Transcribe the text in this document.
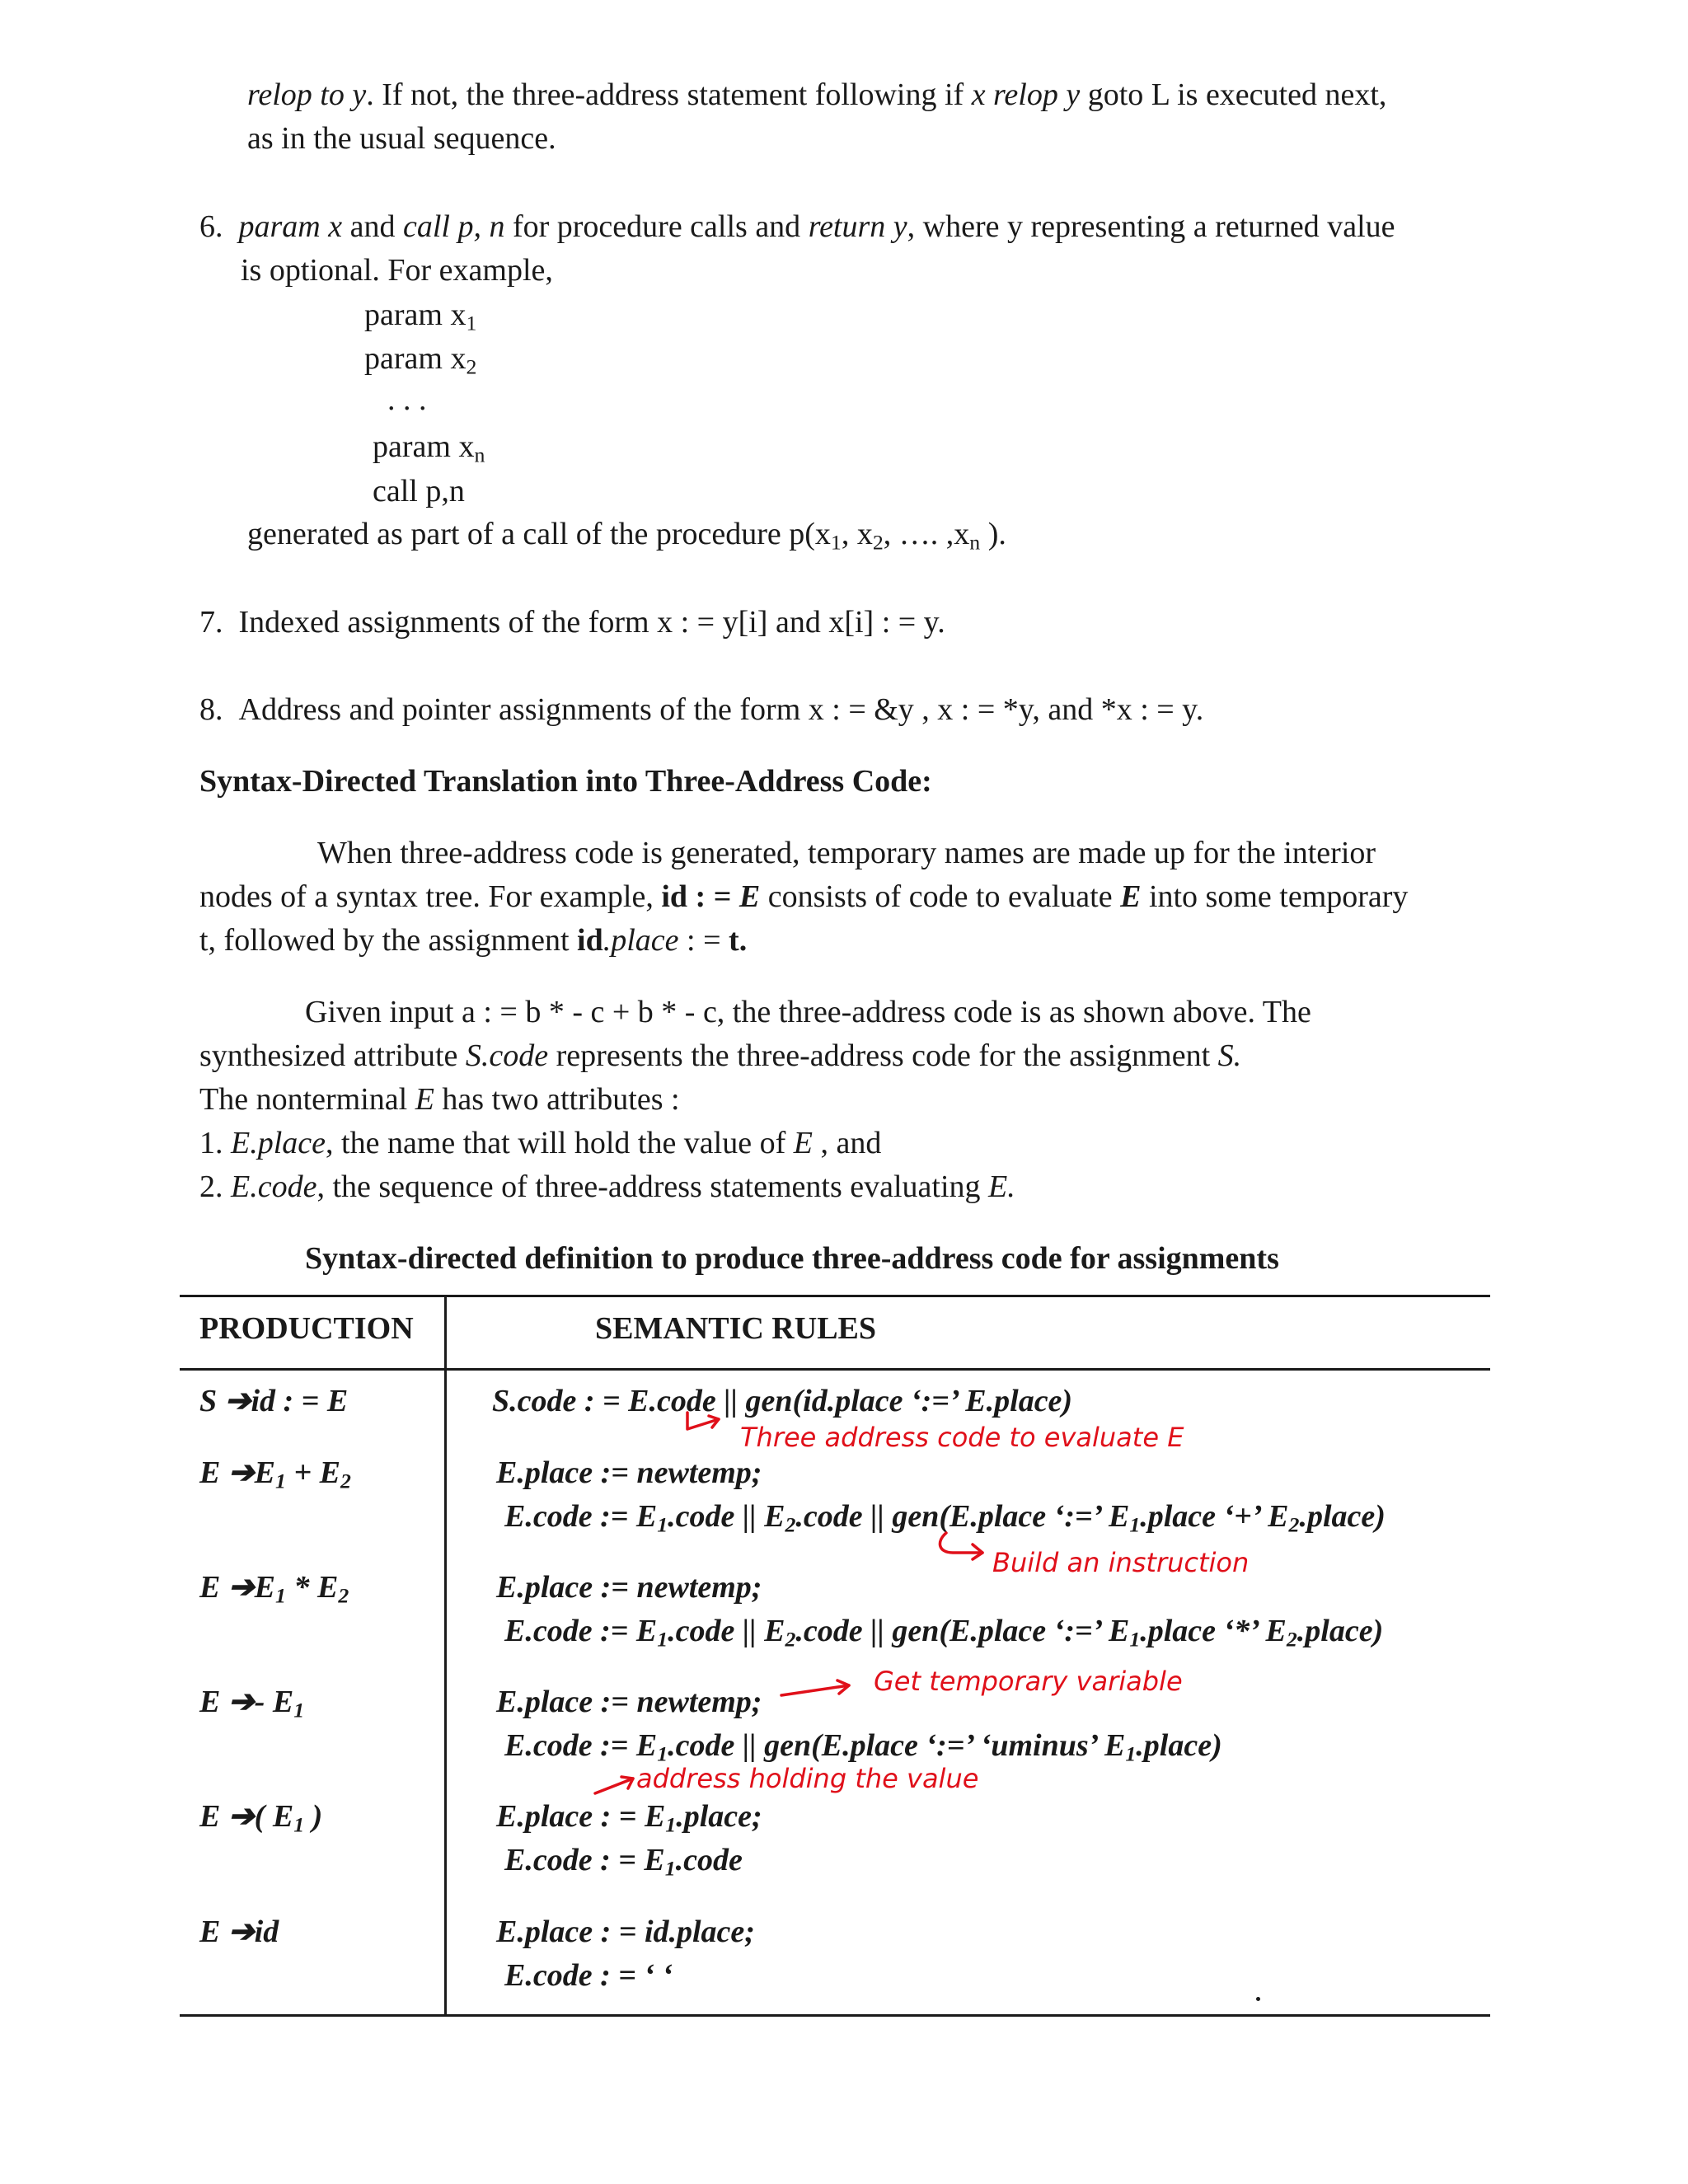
relop to y. If not, the three-address statement following if x relop y goto L is executed next,
as in the usual sequence.
6. param x and call p, n for procedure calls and return y, where y representing a returned value
is optional. For example,
param $x_1$
param $x_2$
. . .
param $x_n$
call p,n
generated as part of a call of the procedure $p(x_1$, $x_2$, …. $,x_n$ ).
7. Indexed assignments of the form x : = y[i] and x[i] : = y.
8. Address and pointer assignments of the form x : = &y , x : = *y, and *x : = y.
Syntax-Directed Translation into Three-Address Code:
When three-address code is generated, temporary names are made up for the interior
nodes of a syntax tree. For example, id : = E consists of code to evaluate E into some temporary
t, followed by the assignment id.place : = t.
Given input a : = b * - c + b * - c, the three-address code is as shown above. The
synthesized attribute S.code represents the three-address code for the assignment S.
The nonterminal E has two attributes :
1. E.place, the name that will hold the value of E , and
2. E.code, the sequence of three-address statements evaluating E.
Syntax-directed definition to produce three-address code for assignments
PRODUCTION	SEMANTIC RULES
S ➔id : = E	S.code : = E.code || gen(id.place ‘:=’ E.place)
E $➔E_1 + E_2$	E.place := newtemp;
E.code := $E_1.code$ || $E_2.code$ || gen(E.place ‘:=’ $E_1.place$ ‘+’ $E_2.place$)
E $➔E_1 * E_2$	E.place := newtemp;
E.code := $E_1.code$ || $E_2.code$ || gen(E.place ‘:=’ $E_1.place$ ‘*’ $E_2.place$)
E ➔- $E_1$	E.place := newtemp;
E.code := $E_1.code$ || gen(E.place ‘:=’ ‘uminus’ $E_1.place$)
E ➔( $E_1$ )	E.place : = $E_1.place$;
E.code : = $E_1.code$
E ➔id	E.place : = id.place;
E.code : = ‘ ‘
Three address code to evaluate E
Build an instruction
Get temporary variable
address holding the value
